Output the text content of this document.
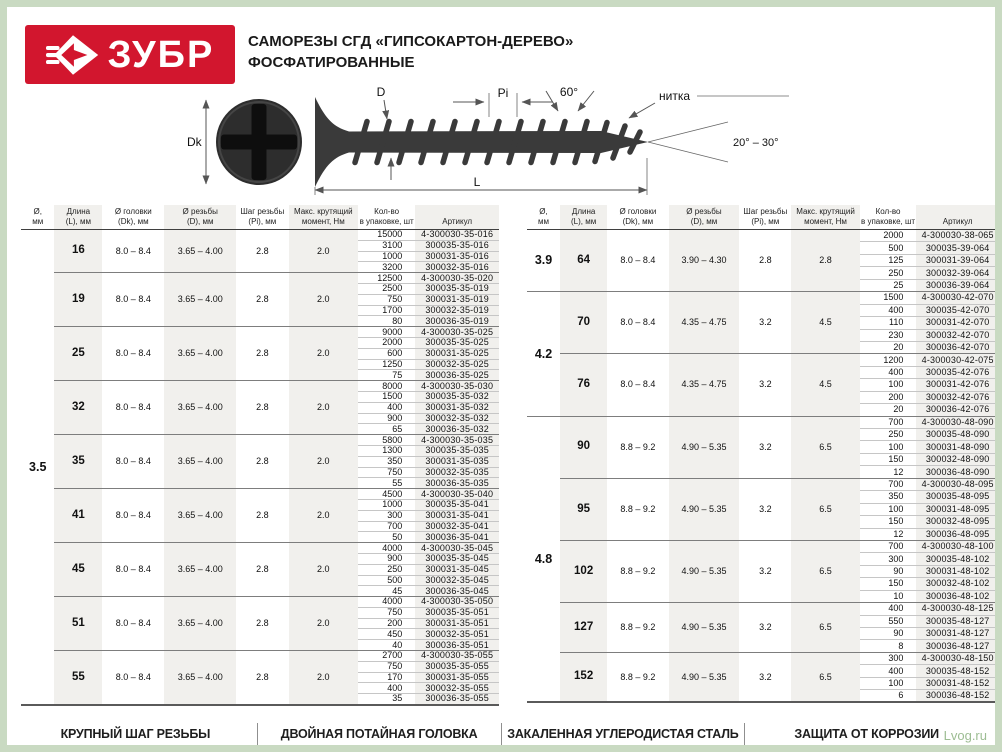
ЗУБР САМОРЕЗЫ СГД «ГИПСОКАРТОН-ДЕРЕВО»
ФОСФАТИРОВАННЫЕ
Dk
D	Pi	60°	нитка
20° – 30°
L
Ø,
мм

Длина
(L), мм

Ø головки
(Dk), мм

Ø резьбы
(D), мм

Шаг резьбы
(Pi), мм

Макс. крутящий
момент, Нм

Кол-во
в упаковке, шт	Артикул

3.5	16	8.0 – 8.4	3.65 – 4.00	2.8	2.0	15000	4-300030-35-016
						3100	300035-35-016
						1000	300031-35-016
						3200	300032-35-016
	19	8.0 – 8.4	3.65 – 4.00	2.8	2.0	12500	4-300030-35-020
						2500	300035-35-019
						750	300031-35-019
						1700	300032-35-019
						80	300036-35-019
	25	8.0 – 8.4	3.65 – 4.00	2.8	2.0	9000	4-300030-35-025
						2000	300035-35-025
						600	300031-35-025
						1250	300032-35-025
						75	300036-35-025
	32	8.0 – 8.4	3.65 – 4.00	2.8	2.0	8000	4-300030-35-030
						1500	300035-35-032
						400	300031-35-032
						900	300032-35-032
						65	300036-35-032
	35	8.0 – 8.4	3.65 – 4.00	2.8	2.0	5800	4-300030-35-035
						1300	300035-35-035
						350	300031-35-035
						750	300032-35-035
						55	300036-35-035
	41	8.0 – 8.4	3.65 – 4.00	2.8	2.0	4500	4-300030-35-040
						1000	300035-35-041
						300	300031-35-041
						700	300032-35-041
						50	300036-35-041
	45	8.0 – 8.4	3.65 – 4.00	2.8	2.0	4000	4-300030-35-045
						900	300035-35-045
						250	300031-35-045
						500	300032-35-045
						45	300036-35-045
	51	8.0 – 8.4	3.65 – 4.00	2.8	2.0	4000	4-300030-35-050
						750	300035-35-051
						200	300031-35-051
						450	300032-35-051
						40	300036-35-051
	55	8.0 – 8.4	3.65 – 4.00	2.8	2.0	2700	4-300030-35-055
						750	300035-35-055
						170	300031-35-055
						400	300032-35-055
						35	300036-35-055
Ø,
мм

Длина
(L), мм

Ø головки
(Dk), мм

Ø резьбы
(D), мм

Шаг резьбы
(Pi), мм

Макс. крутящий
момент, Нм

Кол-во
в упаковке, шт	Артикул

3.9	64	8.0 – 8.4	3.90 – 4.30	2.8	2.8	2000	4-300030-38-065
						500	300035-39-064
						125	300031-39-064
						250	300032-39-064
						25	300036-39-064
4.2	70	8.0 – 8.4	4.35 – 4.75	3.2	4.5	1500	4-300030-42-070
						400	300035-42-070
						110	300031-42-070
						230	300032-42-070
						20	300036-42-070
	76	8.0 – 8.4	4.35 – 4.75	3.2	4.5	1200	4-300030-42-075
						400	300035-42-076
						100	300031-42-076
						200	300032-42-076
						20	300036-42-076
4.8	90	8.8 – 9.2	4.90 – 5.35	3.2	6.5	700	4-300030-48-090
						250	300035-48-090
						100	300031-48-090
						150	300032-48-090
						12	300036-48-090
	95	8.8 – 9.2	4.90 – 5.35	3.2	6.5	700	4-300030-48-095
						350	300035-48-095
						100	300031-48-095
						150	300032-48-095
						12	300036-48-095
	102	8.8 – 9.2	4.90 – 5.35	3.2	6.5	700	4-300030-48-100
						300	300035-48-102
						90	300031-48-102
						150	300032-48-102
						10	300036-48-102
	127	8.8 – 9.2	4.90 – 5.35	3.2	6.5	400	4-300030-48-125
						550	300035-48-127
						90	300031-48-127
						8	300036-48-127
	152	8.8 – 9.2	4.90 – 5.35	3.2	6.5	300	4-300030-48-150
						400	300035-48-152
						100	300031-48-152
						6	300036-48-152
КРУПНЫЙ ШАГ РЕЗЬБЫ	ДВОЙНАЯ ПОТАЙНАЯ ГОЛОВКА ЗАКАЛЕННАЯ УГЛЕРОДИСТАЯ СТАЛЬ	ЗАЩИТА ОТ КОРРОЗИИ Lvog.ru
